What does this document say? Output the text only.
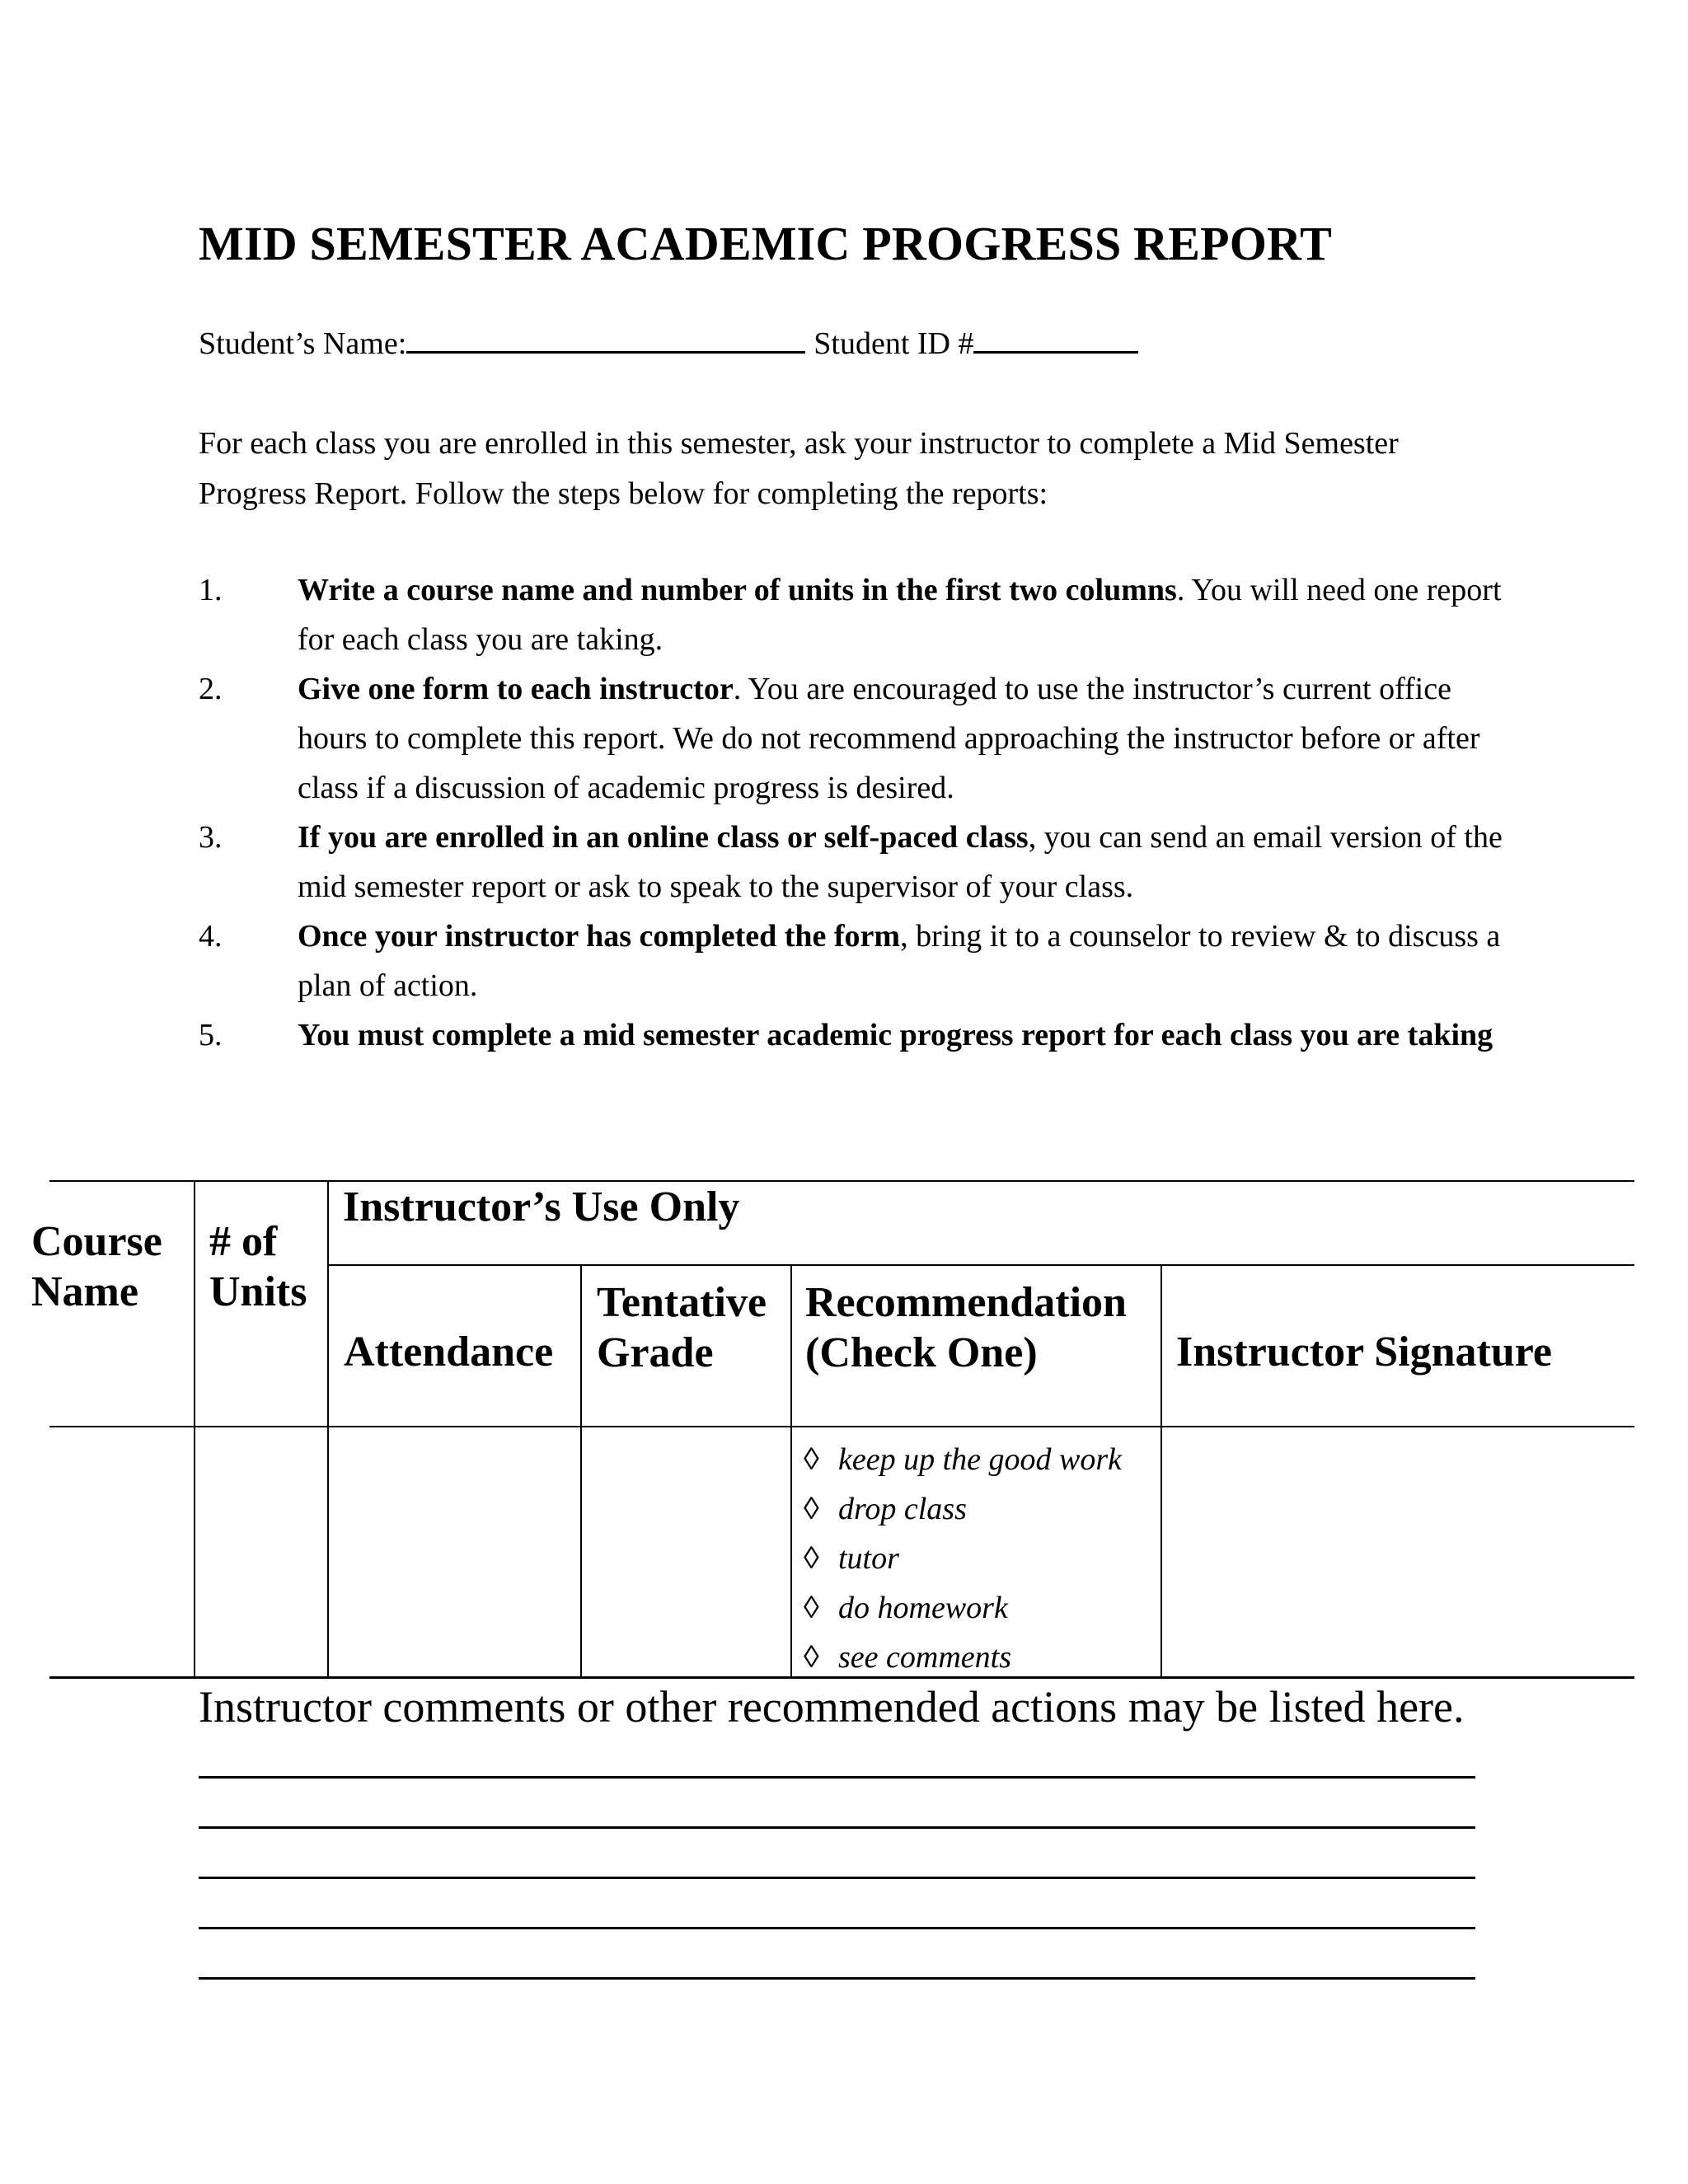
MID SEMESTER ACADEMIC PROGRESS REPORT
Student’s Name:	Student ID #
For each class you are enrolled in this semester, ask your instructor to complete a Mid Semester Progress Report. Follow the steps below for completing the reports:
1. Write a course name and number of units in the first two columns. You will need one report for each class you are taking.
2. Give one form to each instructor. You are encouraged to use the instructor’s current office hours to complete this report. We do not recommend approaching the instructor before or after class if a discussion of academic progress is desired.
3. If you are enrolled in an online class or self-paced class, you can send an email version of the mid semester report or ask to speak to the supervisor of your class.
4. Once your instructor has completed the form, bring it to a counselor to review & to discuss a plan of action.
5. You must complete a mid semester academic progress report for each class you are taking
Course
Name
# of
Units
Instructor’s Use Only
Attendance
Tentative
Grade
Recommendation
(Check One)	Instructor Signature
◊ keep up the good work
◊ drop class
◊ tutor
◊ do homework
◊ see comments
Instructor comments or other recommended actions may be listed here.
